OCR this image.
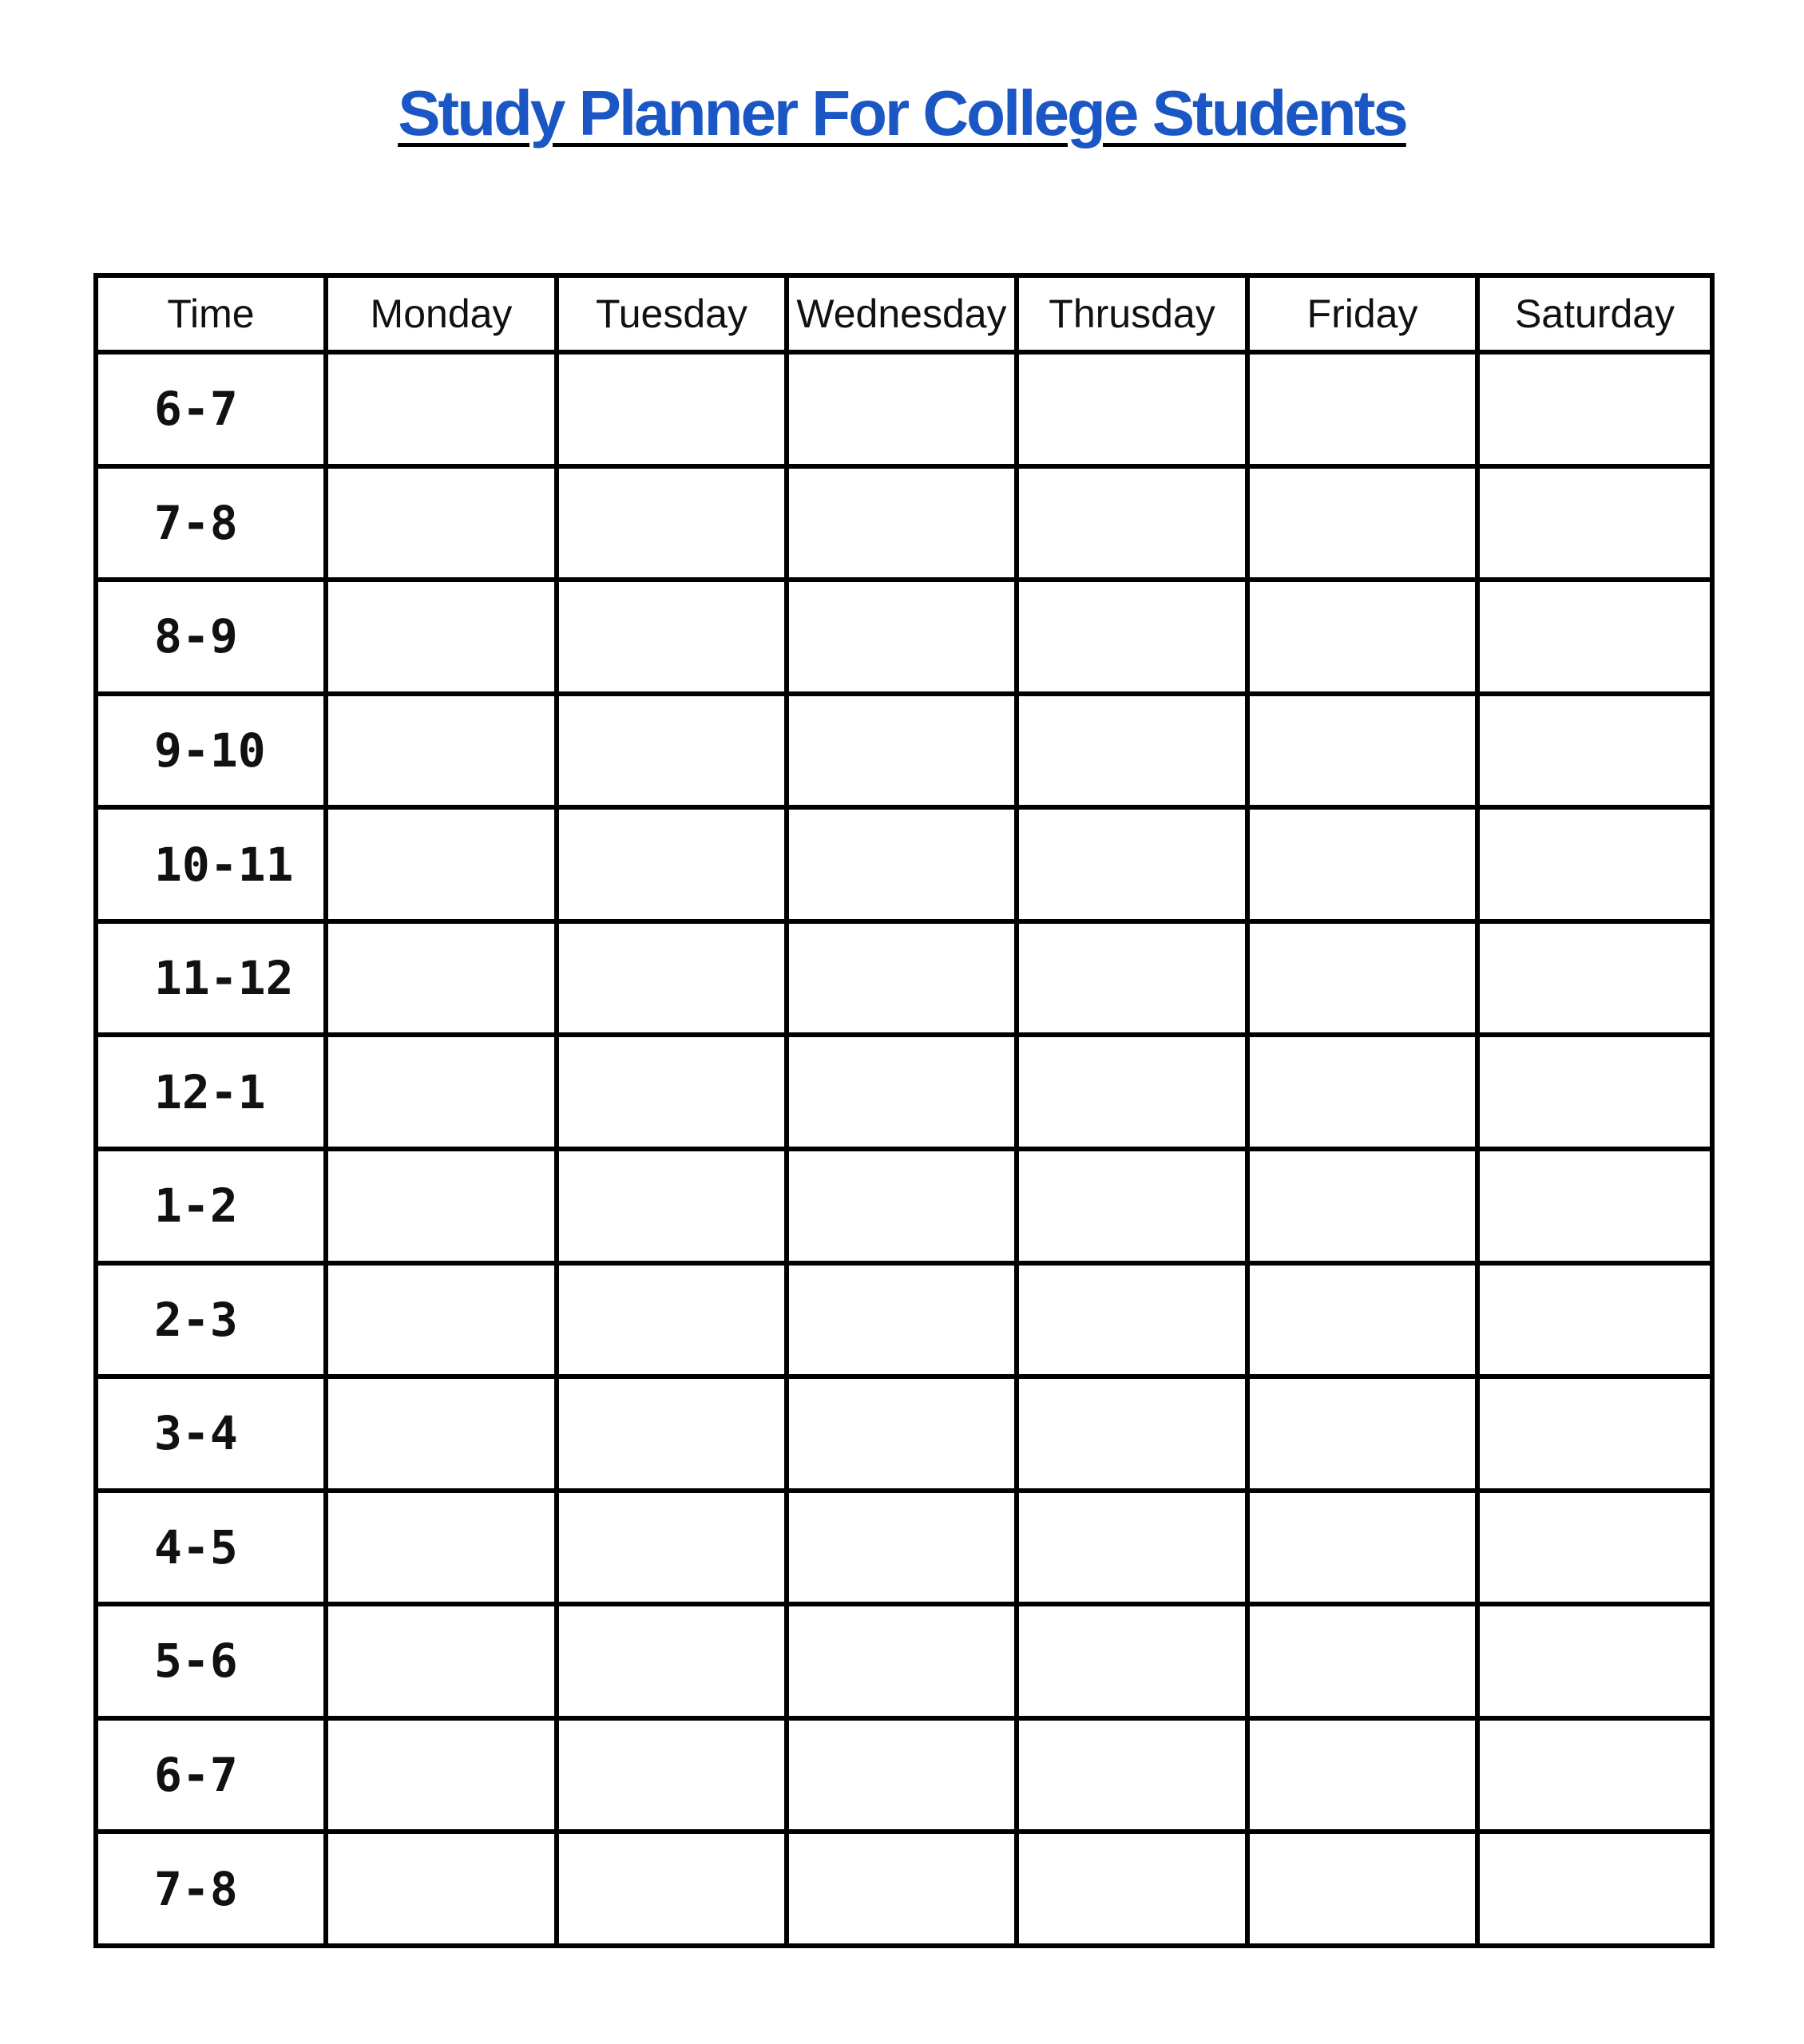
Study Planner For College Students
Time	Monday	Tuesday	Wednesday	Thrusday	Friday	Saturday
6-7						
7-8						
8-9						
9-10						
10-11						
11-12						
12-1						
1-2						
2-3						
3-4						
4-5						
5-6						
6-7						
7-8						
